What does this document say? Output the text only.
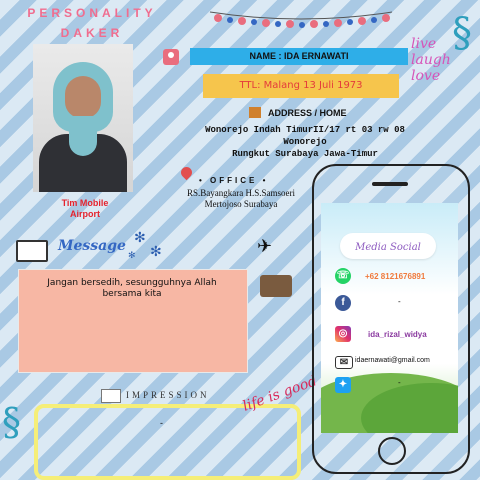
PERSONALITY
DAKER	§
§
live
laugh
love
Tim Mobile
Airport
NAME : IDA ERNAWATI
TTL: Malang 13 Juli 1973
ADDRESS / HOME
Wonorejo Indah TimurII/17 rt 03 rw 08 Wonorejo
Rungkut Surabaya Jawa-Timur
• OFFICE •
RS.Bayangkara H.S.Samsoeri
Mertojoso Surabaya
✈
Message
✻
✻
✻
Jangan bersedih, sesungguhnya Allah
bersama kita
IMPRESSION
-
life is good
Media Social
☏ +62 8121676891
f	-
◎	ida_rizal_widya
✉ idaernawati@gmail.com
✦	-
